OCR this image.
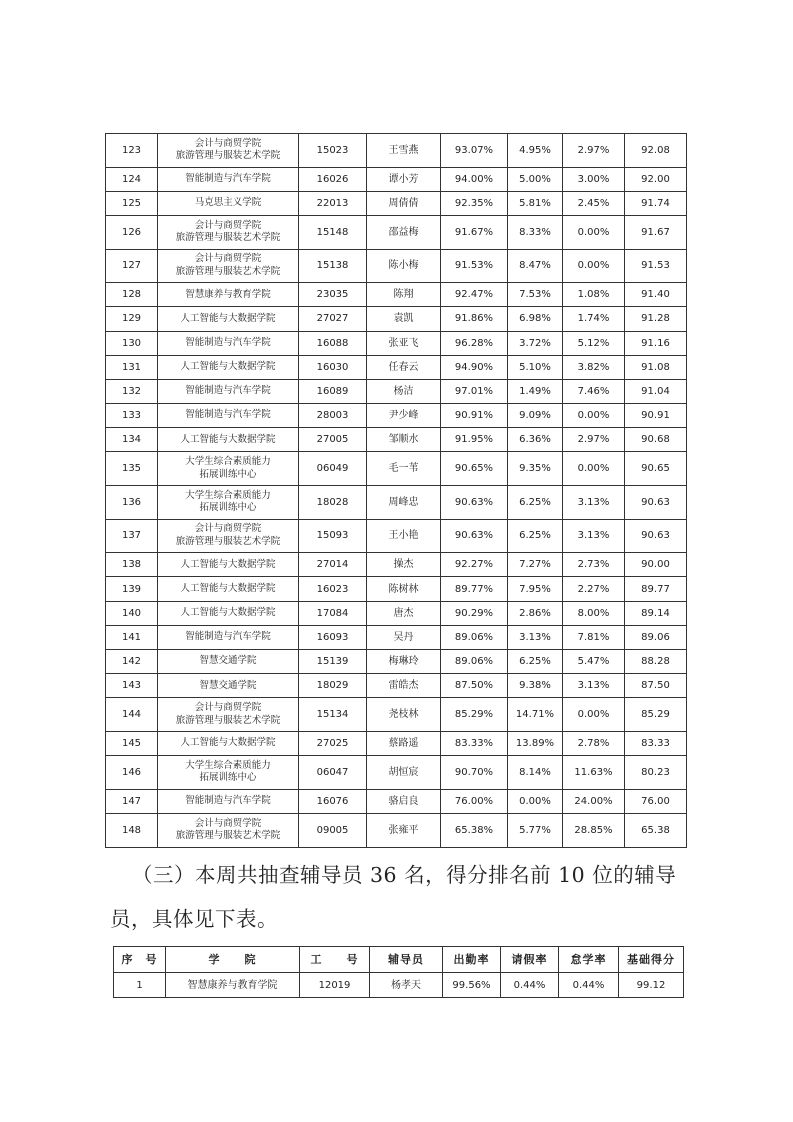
123	会计与商贸学院
旅游管理与服装艺术学院	15023	王雪燕	93.07%	4.95%	2.97%	92.08
124	智能制造与汽车学院	16026	谭小芳	94.00%	5.00%	3.00%	92.00
125	马克思主义学院	22013	周倩倩	92.35%	5.81%	2.45%	91.74
126	会计与商贸学院
旅游管理与服装艺术学院	15148	邵益梅	91.67%	8.33%	0.00%	91.67
127	会计与商贸学院
旅游管理与服装艺术学院	15138	陈小梅	91.53%	8.47%	0.00%	91.53
128	智慧康养与教育学院	23035	陈翔	92.47%	7.53%	1.08%	91.40
129	人工智能与大数据学院	27027	袁凯	91.86%	6.98%	1.74%	91.28
130	智能制造与汽车学院	16088	张亚飞	96.28%	3.72%	5.12%	91.16
131	人工智能与大数据学院	16030	任春云	94.90%	5.10%	3.82%	91.08
132	智能制造与汽车学院	16089	杨洁	97.01%	1.49%	7.46%	91.04
133	智能制造与汽车学院	28003	尹少峰	90.91%	9.09%	0.00%	90.91
134	人工智能与大数据学院	27005	邹顺水	91.95%	6.36%	2.97%	90.68
135	大学生综合素质能力
拓展训练中心	06049	毛一苇	90.65%	9.35%	0.00%	90.65
136	大学生综合素质能力
拓展训练中心	18028	周峰忠	90.63%	6.25%	3.13%	90.63
137	会计与商贸学院
旅游管理与服装艺术学院	15093	王小艳	90.63%	6.25%	3.13%	90.63
138	人工智能与大数据学院	27014	操杰	92.27%	7.27%	2.73%	90.00
139	人工智能与大数据学院	16023	陈树林	89.77%	7.95%	2.27%	89.77
140	人工智能与大数据学院	17084	唐杰	90.29%	2.86%	8.00%	89.14
141	智能制造与汽车学院	16093	吴丹	89.06%	3.13%	7.81%	89.06
142	智慧交通学院	15139	梅琳玲	89.06%	6.25%	5.47%	88.28
143	智慧交通学院	18029	雷皓杰	87.50%	9.38%	3.13%	87.50
144	会计与商贸学院
旅游管理与服装艺术学院	15134	尧枝林	85.29%	14.71%	0.00%	85.29
145	人工智能与大数据学院	27025	蔡路遥	83.33%	13.89%	2.78%	83.33
146	大学生综合素质能力
拓展训练中心	06047	胡恒宸	90.70%	8.14%	11.63%	80.23
147	智能制造与汽车学院	16076	骆启良	76.00%	0.00%	24.00%	76.00
148	会计与商贸学院
旅游管理与服装艺术学院	09005	张雍平	65.38%	5.77%	28.85%	65.38
（三）本周共抽查辅导员 36 名，得分排名前 10 位的辅导员，具体见下表。
序　号	学　　院	工　　号	辅导员	出勤率	请假率	怠学率	基础得分
1	智慧康养与教育学院	12019	杨孝天	99.56%	0.44%	0.44%	99.12
